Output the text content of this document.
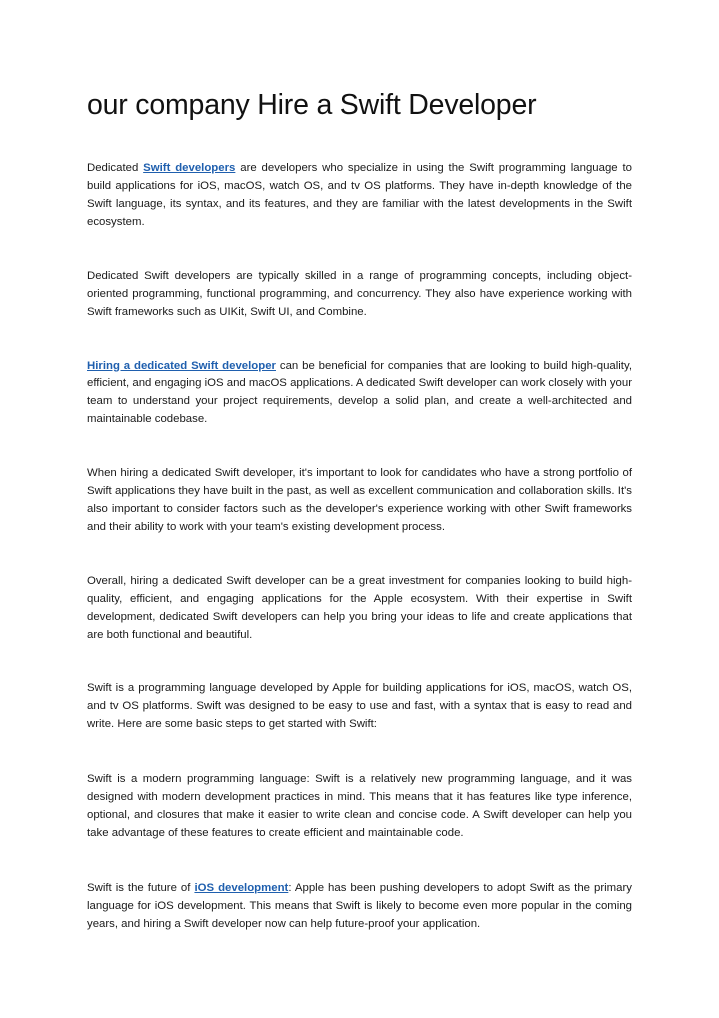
our company Hire a Swift Developer

Dedicated Swift developers are developers who specialize in using the Swift programming language to build applications for iOS, macOS, watch OS, and tv OS platforms. They have in-depth knowledge of the Swift language, its syntax, and its features, and they are familiar with the latest developments in the Swift ecosystem.

Dedicated Swift developers are typically skilled in a range of programming concepts, including object-oriented programming, functional programming, and concurrency. They also have experience working with Swift frameworks such as UIKit, Swift UI, and Combine.

Hiring a dedicated Swift developer can be beneficial for companies that are looking to build high-quality, efficient, and engaging iOS and macOS applications. A dedicated Swift developer can work closely with your team to understand your project requirements, develop a solid plan, and create a well-architected and maintainable codebase.

When hiring a dedicated Swift developer, it's important to look for candidates who have a strong portfolio of Swift applications they have built in the past, as well as excellent communication and collaboration skills. It's also important to consider factors such as the developer's experience working with other Swift frameworks and their ability to work with your team's existing development process.

Overall, hiring a dedicated Swift developer can be a great investment for companies looking to build high-quality, efficient, and engaging applications for the Apple ecosystem. With their expertise in Swift development, dedicated Swift developers can help you bring your ideas to life and create applications that are both functional and beautiful.

Swift is a programming language developed by Apple for building applications for iOS, macOS, watch OS, and tv OS platforms. Swift was designed to be easy to use and fast, with a syntax that is easy to read and write. Here are some basic steps to get started with Swift:

Swift is a modern programming language: Swift is a relatively new programming language, and it was designed with modern development practices in mind. This means that it has features like type inference, optional, and closures that make it easier to write clean and concise code. A Swift developer can help you take advantage of these features to create efficient and maintainable code.

Swift is the future of iOS development: Apple has been pushing developers to adopt Swift as the primary language for iOS development. This means that Swift is likely to become even more popular in the coming years, and hiring a Swift developer now can help future-proof your application.
